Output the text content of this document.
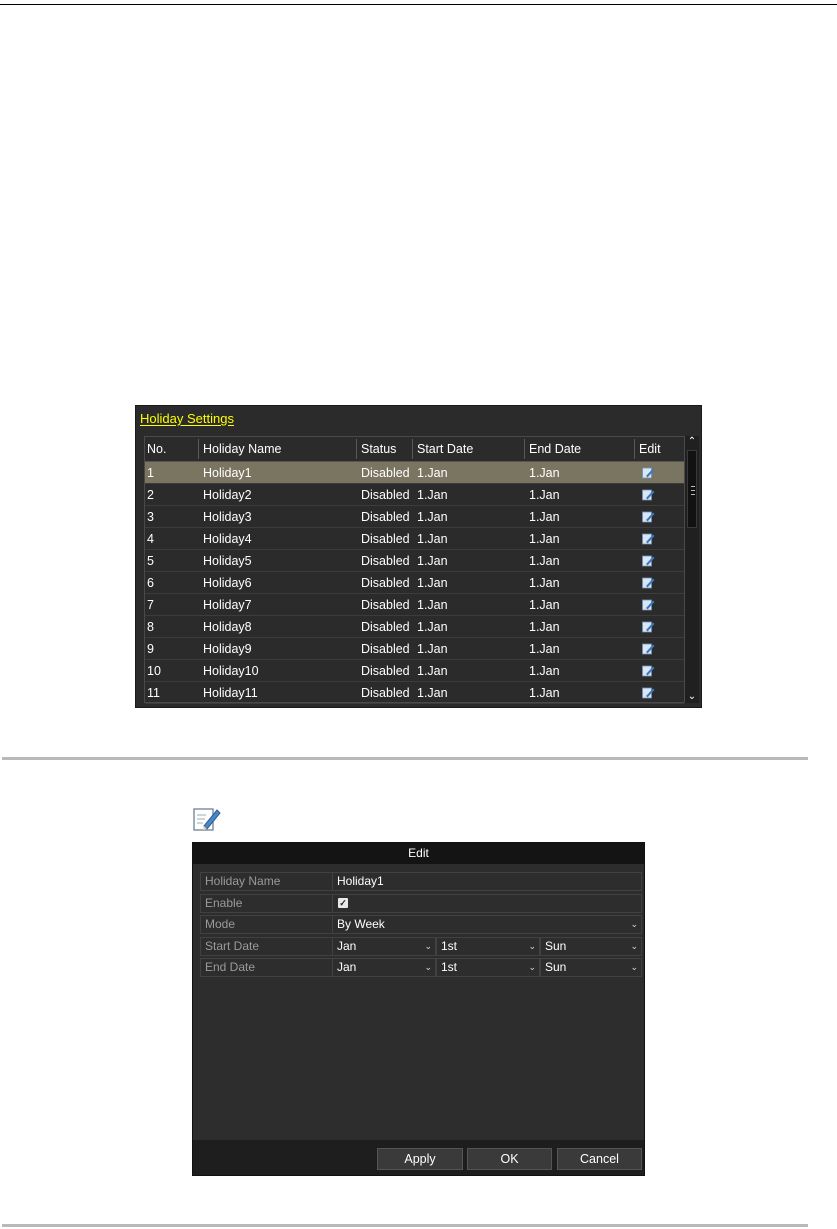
Holiday Settings
No.	Holiday Name	Status Start Date	End Date	Edit
1	Holiday1	Disabled 1.Jan	1.Jan
2	Holiday2	Disabled 1.Jan	1.Jan
3	Holiday3	Disabled 1.Jan	1.Jan
4	Holiday4	Disabled 1.Jan	1.Jan
5	Holiday5	Disabled 1.Jan	1.Jan
6	Holiday6	Disabled 1.Jan	1.Jan
7	Holiday7	Disabled 1.Jan	1.Jan
8	Holiday8	Disabled 1.Jan	1.Jan
9	Holiday9	Disabled 1.Jan	1.Jan
10	Holiday10	Disabled 1.Jan	1.Jan
11	Holiday11	Disabled 1.Jan	1.Jan
⌃
⌄
Edit
Holiday Name	Holiday1
Enable	✓
Mode	By Week	⌄
Start Date	Jan	⌄ 1st	⌄ Sun	⌄
End Date	Jan	⌄ 1st	⌄ Sun	⌄
Apply	OK	Cancel
